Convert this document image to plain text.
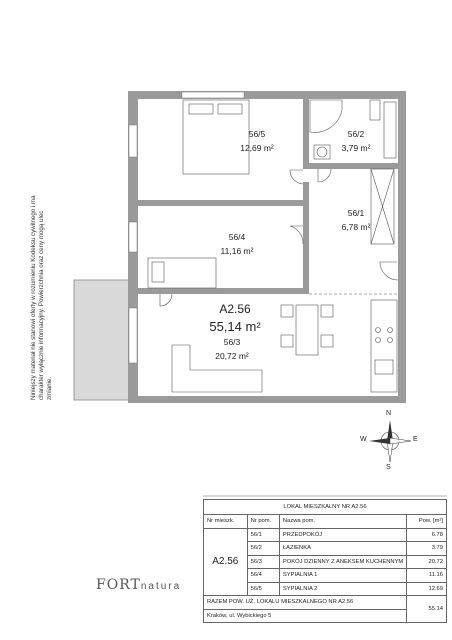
56/5
12,69 m²
56/2
3,79 m²
56/1
6,78 m²
56/4
11,16 m²
A2.56
55,14 m²
56/3
20,72 m²
Niniejszy materiał nie stanowi oferty w rozumieniu Kodeksu cywilnego i ma charakter wyłącznie informacyjny. Powierzchnia oraz ceny mogą ulec zmianie.
N
E
S
W
FORTnatura
LOKAL MIESZKALNY NR A2.56			
Nr mieszk.	Nr pom.	Nazwa pom.	Pow. [m²]
A2.56	56/1	PRZEDPOKÓJ	6.78
	56/2	ŁAZIENKA	3.79
	56/3	POKÓJ DZIENNY Z ANEKSEM KUCHENNYM	20.72
	56/4	SYPIALNIA 1	11.16
	56/5	SYPIALNIA 2	12.69
RAZEM POW. UŻ. LOKALU MIESZKALNEGO NR A2.56			55.14
Kraków, ul. Wybickiego 5			
